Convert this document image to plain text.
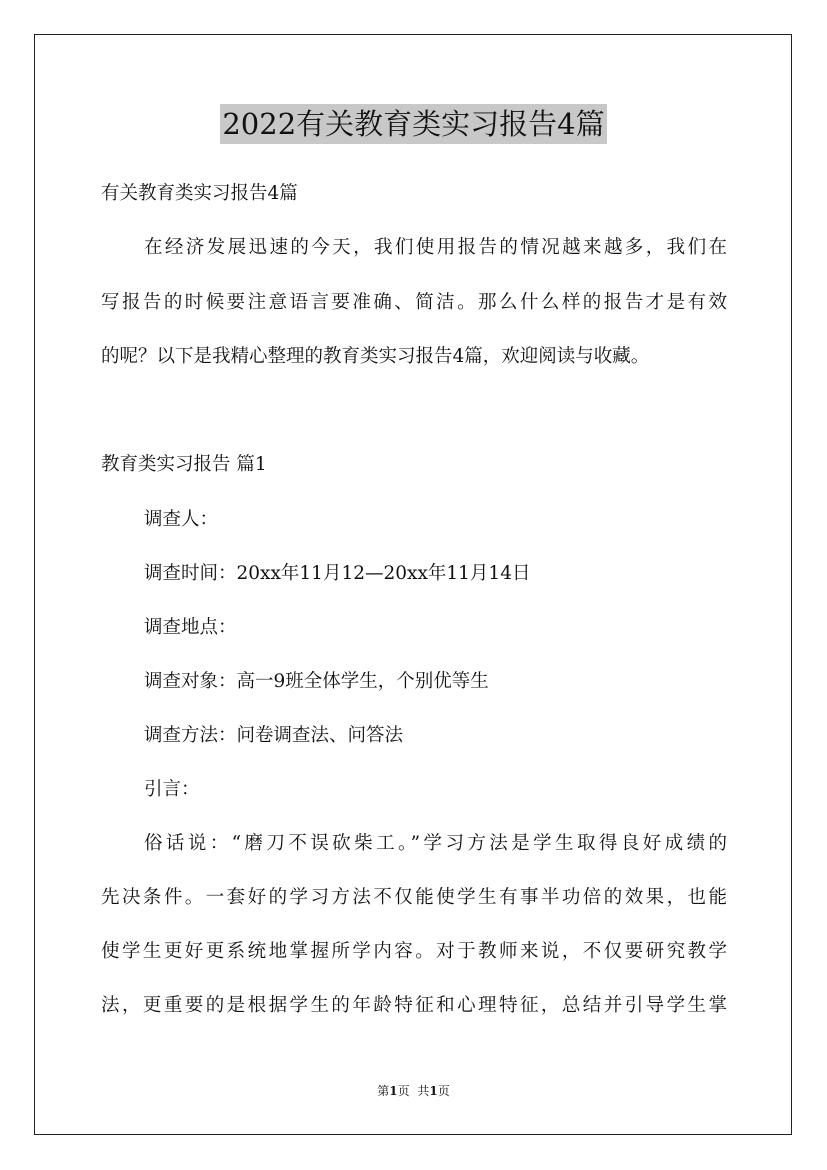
2022有关教育类实习报告4篇
有关教育类实习报告4篇
在经济发展迅速的今天，我们使用报告的情况越来越多，我们在
写报告的时候要注意语言要准确、简洁。那么什么样的报告才是有效
的呢？以下是我精心整理的教育类实习报告4篇，欢迎阅读与收藏。
教育类实习报告 篇1
调查人：
调查时间：20xx年11月12—20xx年11月14日
调查地点：
调查对象：高一9班全体学生，个别优等生
调查方法：问卷调查法、问答法
引言：
俗话说：“磨刀不误砍柴工。”学习方法是学生取得良好成绩的
先决条件。一套好的学习方法不仅能使学生有事半功倍的效果，也能
使学生更好更系统地掌握所学内容。对于教师来说，不仅要研究教学
法，更重要的是根据学生的年龄特征和心理特征，总结并引导学生掌
第1页 共1页
